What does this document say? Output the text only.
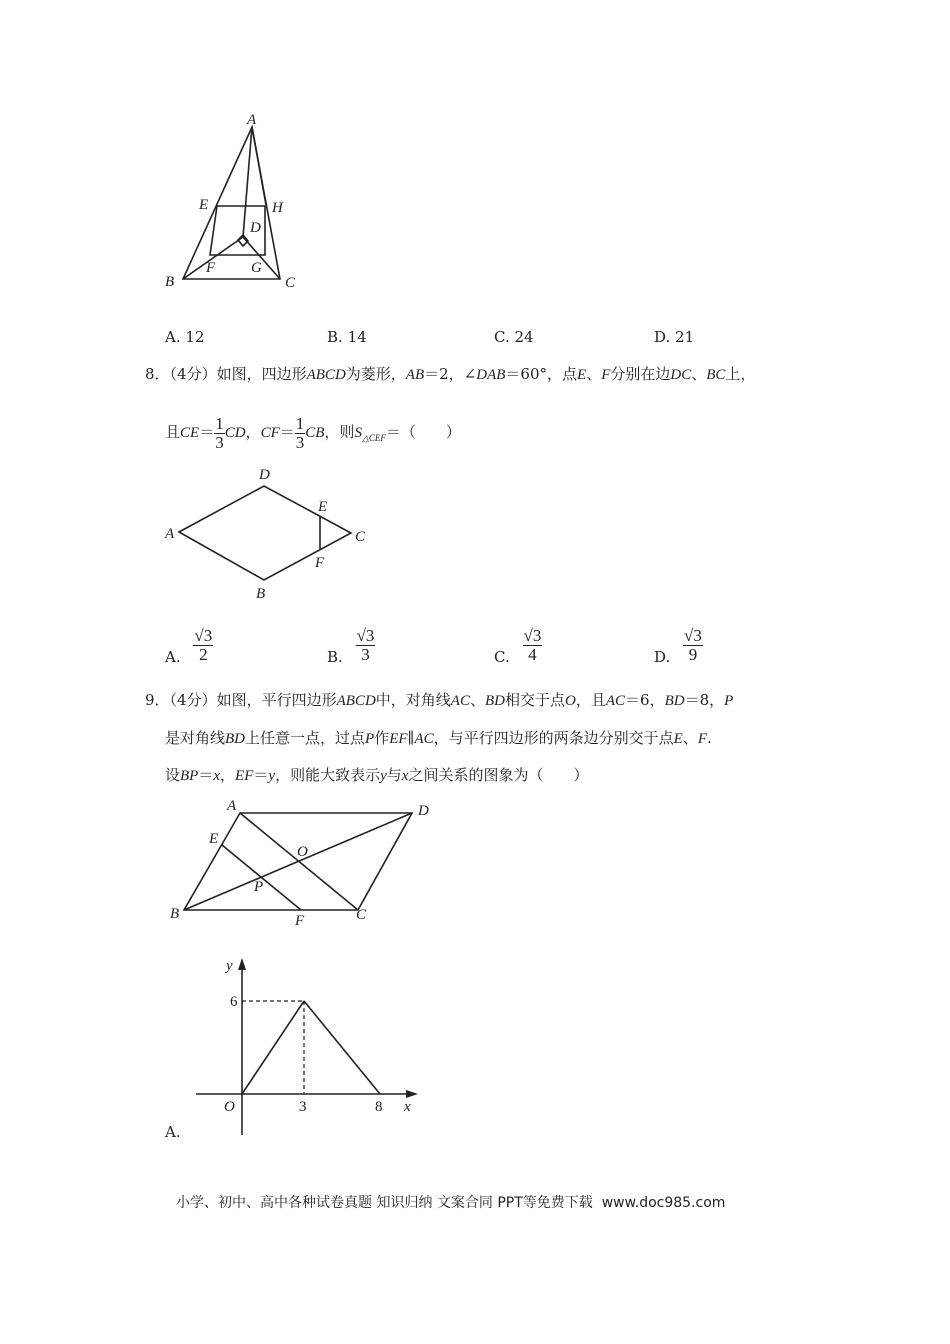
A
E	H
D
F G
B	C
A. 12	B. 14	C. 24	D. 21
8．（4分）如图，四边形ABCD为菱形，AB＝2，∠DAB＝60°，点E、F分别在边DC、BC上，
且$CE= \frac{1}{3}$ CD，$CF= \frac{1}{3}$ CB，则$S_{\triangle CEF}=$（　　）
D
E
A	C
F
B
A. $\frac{√3}{2}$	B. $\frac{√3}{3}$	C. $\frac{√3}{4}$	D. $\frac{√3}{9}$
9．（4分）如图，平行四边形ABCD中，对角线AC、BD相交于点O，且AC＝6，BD＝8，P
是对角线BD上任意一点，过点P作EF∥AC，与平行四边形的两条边分别交于点E、F.
设BP＝x，EF＝y，则能大致表示y与x之间关系的图象为（　　）
A	D
E
O
P
B	F	C
y
6
O	3	8 x
A.
小学、初中、高中各种试卷真题 知识归纳 文案合同 PPT等免费下载 www.doc985.com
